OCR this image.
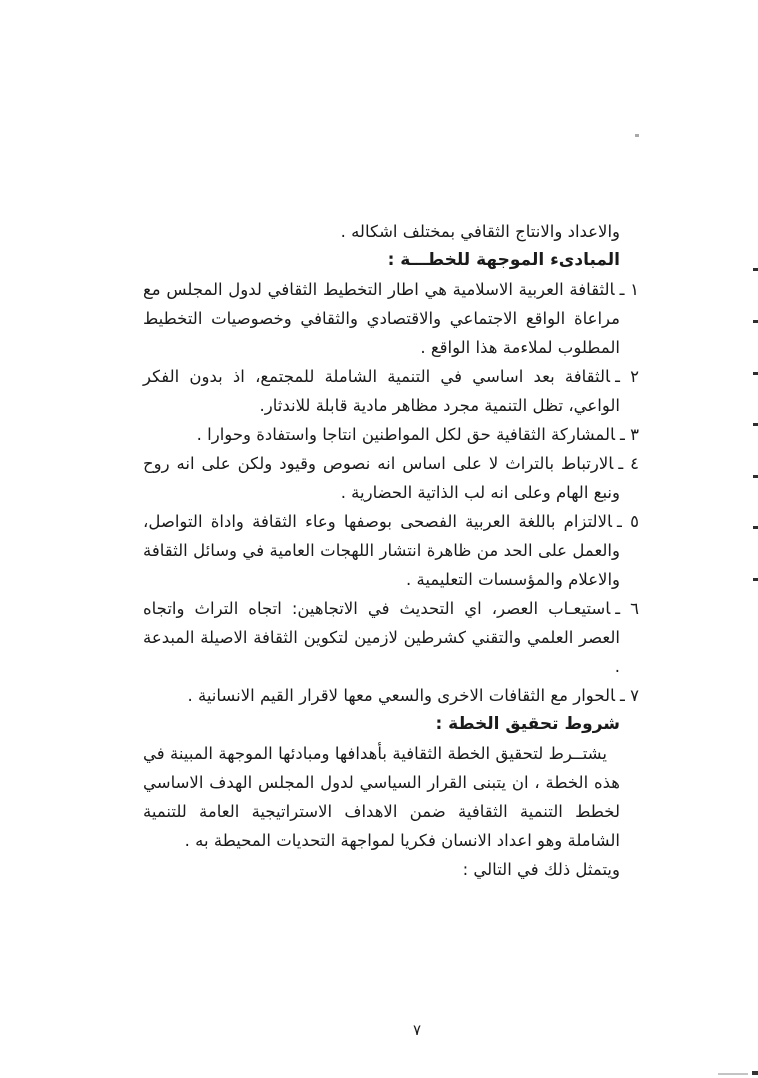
والاعداد والانتاج الثقافي بمختلف اشكاله .

المبادىء الموجهة للخطـــة :
١ ـالثقافة العربية الاسلامية هي اطار التخطيط الثقافي لدول المجلس مع مراعاة الواقع الاجتماعي والاقتصادي والثقافي وخصوصيات التخطيط المطلوب لملاءمة هذا الواقع .
٢ ـالثقافة بعد اساسي في التنمية الشاملة للمجتمع، اذ بدون الفكر الواعي، تظل التنمية مجرد مظاهر مادية قابلة للاندثار.
٣ ـالمشاركة الثقافية حق لكل المواطنين انتاجا واستفادة وحوارا .
٤ ـالارتباط بالتراث لا على اساس انه نصوص وقيود ولكن على انه روح ونبع الهام وعلى انه لب الذاتية الحضارية .
٥ ـالالتزام باللغة العربية الفصحى بوصفها وعاء الثقافة واداة التواصل، والعمل على الحد من ظاهرة انتشار اللهجات العامية في وسائل الثقافة والاعلام والمؤسسات التعليمية .
٦ ـاستيعـاب العصر، اي التحديث في الاتجاهين: اتجاه التراث واتجاه العصر العلمي والتقني كشرطين لازمين لتكوين الثقافة الاصيلة المبدعة .
٧ ـالحوار مع الثقافات الاخرى والسعي معها لاقرار القيم الانسانية .
شروط تحقيق الخطة :

يشتــرط لتحقيق الخطة الثقافية بأهدافها ومبادئها الموجهة المبينة في هذه الخطة ، ان يتبنى القرار السياسي لدول المجلس الهدف الاساسي لخطط التنمية الثقافية ضمن الاهداف الاستراتيجية العامة للتنمية الشاملة وهو اعداد الانسان فكريا لمواجهة التحديات المحيطة به .

ويتمثل ذلك في التالي :

٧
